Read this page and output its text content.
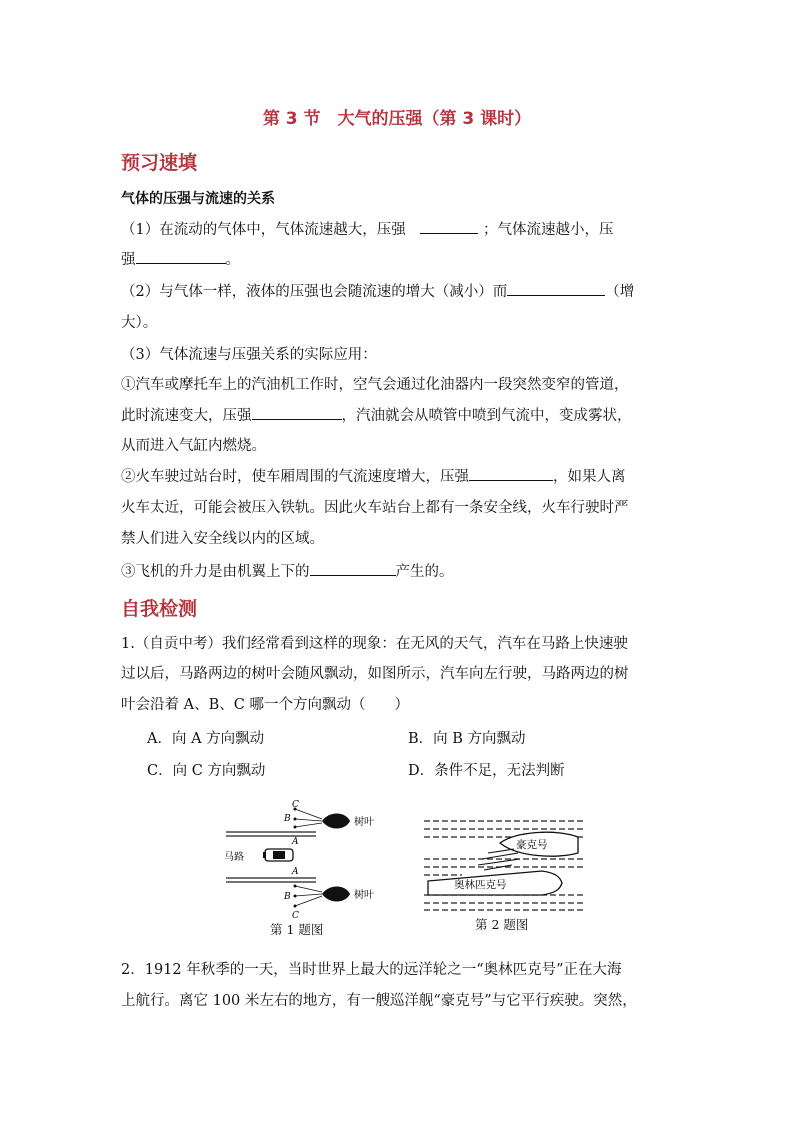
第 3 节　大气的压强（第 3 课时）
预习速填
气体的压强与流速的关系
（1）在流动的气体中，气体流速越大，压强	；气体流速越小，压
强	。
（2）与气体一样，液体的压强也会随流速的增大（减小）而	（增
大）。
（3）气体流速与压强关系的实际应用：
①汽车或摩托车上的汽油机工作时，空气会通过化油器内一段突然变窄的管道，
此时流速变大，压强	，汽油就会从喷管中喷到气流中，变成雾状，
从而进入气缸内燃烧。
②火车驶过站台时，使车厢周围的气流速度增大，压强	，如果人离
火车太近，可能会被压入铁轨。因此火车站台上都有一条安全线，火车行驶时严
禁人们进入安全线以内的区域。
③飞机的升力是由机翼上下的	产生的。
自我检测
1.（自贡中考）我们经常看到这样的现象：在无风的天气，汽车在马路上快速驶
过以后，马路两边的树叶会随风飘动，如图所示，汽车向左行驶，马路两边的树
叶会沿着 A、B、C 哪一个方向飘动（　　）
A．向 A 方向飘动	B．向 B 方向飘动
C．向 C 方向飘动	D．条件不足，无法判断
马路
C
B
A
A
B
C
树叶
树叶
第 1 题图
豪克号
奥林匹克号
第 2 题图
2．1912 年秋季的一天，当时世界上最大的远洋轮之一“奥林匹克号”正在大海
上航行。离它 100 米左右的地方，有一艘巡洋舰“豪克号”与它平行疾驶。突然，
